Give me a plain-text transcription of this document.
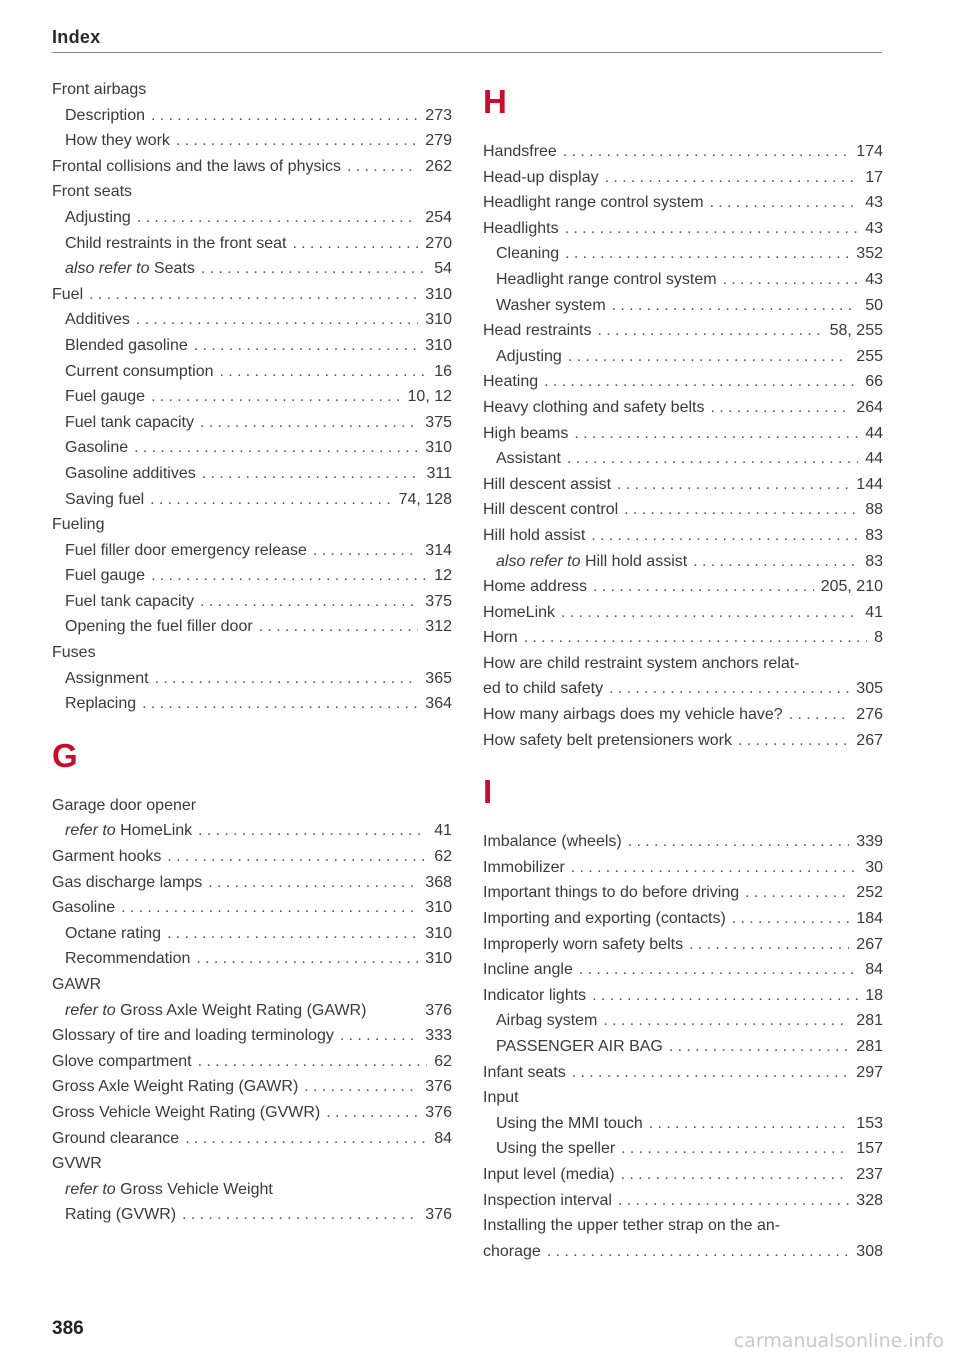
Index
Front airbags
Description .....	273
How they work .....	279
Frontal collisions and the laws of physics .....	262
Front seats
Adjusting .....	254
Child restraints in the front seat .....	270
also refer to Seats .....	54
Fuel .....	310
Additives .....	310
Blended gasoline .....	310
Current consumption .....	16
Fuel gauge .....	10, 12
Fuel tank capacity .....	375
Gasoline .....	310
Gasoline additives .....	311
Saving fuel .....	74, 128
Fueling
Fuel filler door emergency release .....	314
Fuel gauge .....	12
Fuel tank capacity .....	375
Opening the fuel filler door .....	312
Fuses
Assignment .....	365
Replacing .....	364
G
Garage door opener
refer to HomeLink .....	41
Garment hooks .....	62
Gas discharge lamps .....	368
Gasoline .....	310
Octane rating .....	310
Recommendation .....	310
GAWR
refer to Gross Axle Weight Rating (GAWR)	376
Glossary of tire and loading terminology .....	333
Glove compartment .....	62
Gross Axle Weight Rating (GAWR) .....	376
Gross Vehicle Weight Rating (GVWR) .....	376
Ground clearance .....	84
GVWR
refer to Gross Vehicle Weight
Rating (GVWR) .....	376
H
Handsfree .....	174
Head-up display .....	17
Headlight range control system .....	43
Headlights .....	43
Cleaning .....	352
Headlight range control system .....	43
Washer system .....	50
Head restraints .....	58, 255
Adjusting .....	255
Heating .....	66
Heavy clothing and safety belts .....	264
High beams .....	44
Assistant .....	44
Hill descent assist .....	144
Hill descent control .....	88
Hill hold assist .....	83
also refer to Hill hold assist .....	83
Home address .....	205, 210
HomeLink .....	41
Horn .....	8
How are child restraint system anchors relat-
ed to child safety .....	305
How many airbags does my vehicle have? .....	276
How safety belt pretensioners work .....	267
I
Imbalance (wheels) .....	339
Immobilizer .....	30
Important things to do before driving .....	252
Importing and exporting (contacts) .....	184
Improperly worn safety belts .....	267
Incline angle .....	84
Indicator lights .....	18
Airbag system .....	281
PASSENGER AIR BAG .....	281
Infant seats .....	297
Input
Using the MMI touch .....	153
Using the speller .....	157
Input level (media) .....	237
Inspection interval .....	328
Installing the upper tether strap on the an-
chorage .....	308
386
carmanualsonline.info
